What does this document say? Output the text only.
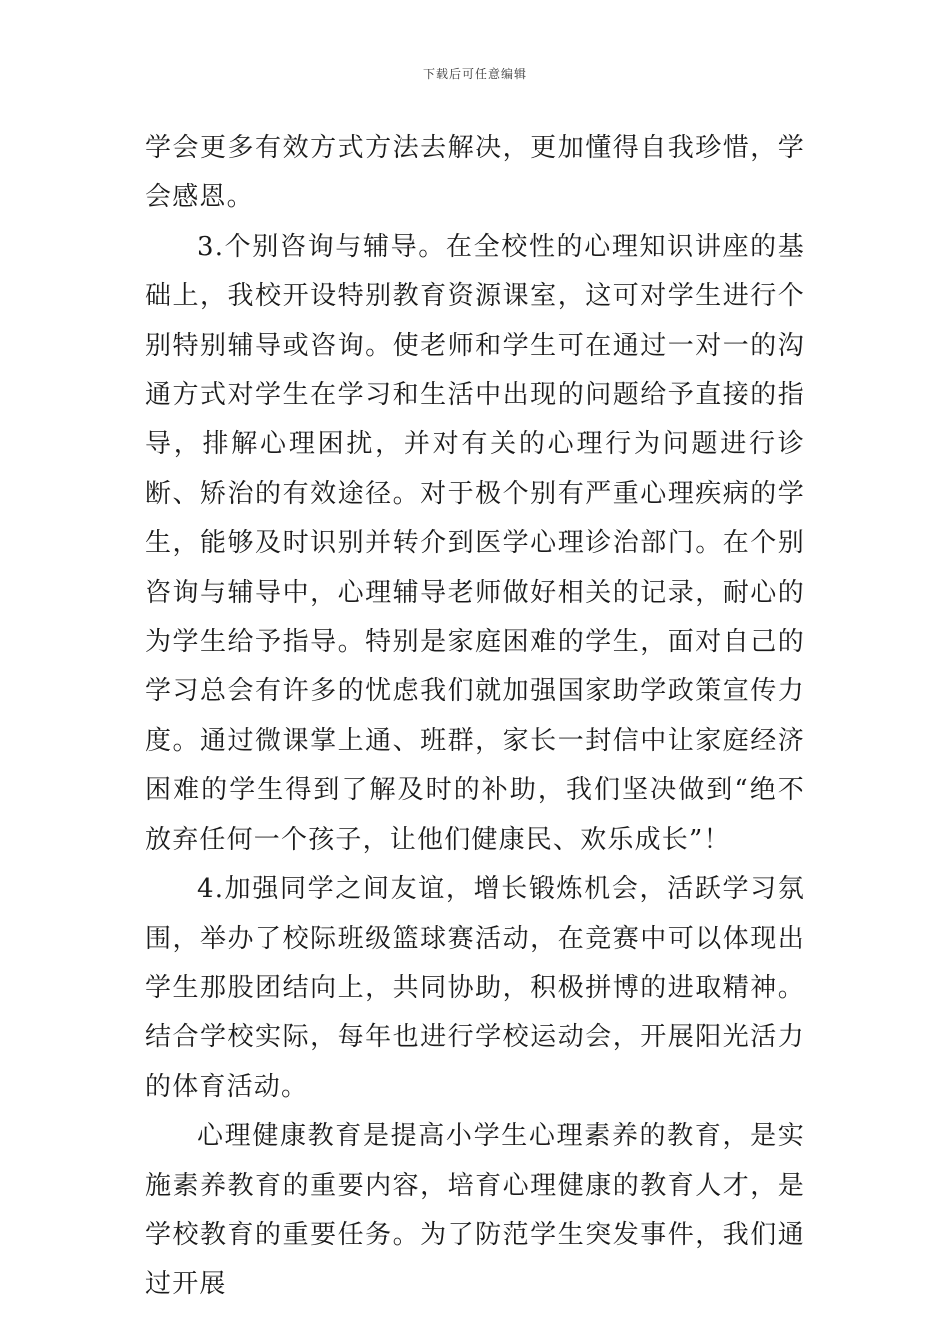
下载后可任意编辑

学会更多有效方式方法去解决，更加懂得自我珍惜，学会感恩。

3.个别咨询与辅导。在全校性的心理知识讲座的基础上，我校开设特别教育资源课室，这可对学生进行个别特别辅导或咨询。使老师和学生可在通过一对一的沟通方式对学生在学习和生活中出现的问题给予直接的指导，排解心理困扰，并对有关的心理行为问题进行诊断、矫治的有效途径。对于极个别有严重心理疾病的学生，能够及时识别并转介到医学心理诊治部门。在个别咨询与辅导中，心理辅导老师做好相关的记录，耐心的为学生给予指导。特别是家庭困难的学生，面对自己的学习总会有许多的忧虑我们就加强国家助学政策宣传力度。通过微课掌上通、班群，家长一封信中让家庭经济困难的学生得到了解及时的补助，我们坚决做到“绝不放弃任何一个孩子，让他们健康民、欢乐成长”！

4.加强同学之间友谊，增长锻炼机会，活跃学习氛围，举办了校际班级篮球赛活动，在竞赛中可以体现出学生那股团结向上，共同协助，积极拼博的进取精神。结合学校实际，每年也进行学校运动会，开展阳光活力的体育活动。

心理健康教育是提高小学生心理素养的教育，是实施素养教育的重要内容，培育心理健康的教育人才，是学校教育的重要任务。为了防范学生突发事件，我们通过开展
